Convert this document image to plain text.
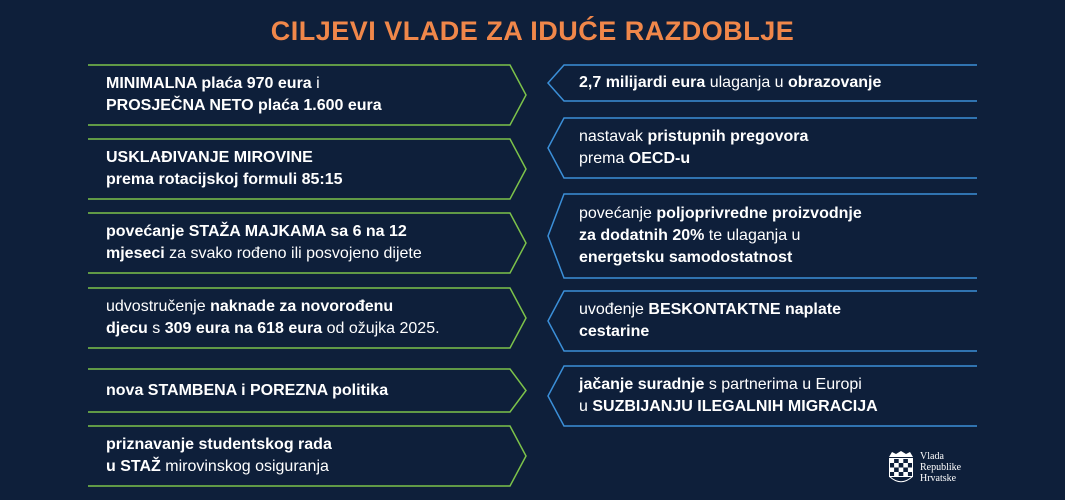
CILJEVI VLADE ZA IDUĆE RAZDOBLJE
MINIMALNA plaća 970 eura i
PROSJEČNA NETO plaća 1.600 eura
USKLAĐIVANJE MIROVINE
prema rotacijskoj formuli 85:15
povećanje STAŽA MAJKAMA sa 6 na 12
mjeseci za svako rođeno ili posvojeno dijete
udvostručenje naknade za novorođenu
djecu s 309 eura na 618 eura od ožujka 2025.
nova STAMBENA i POREZNA politika
priznavanje studentskog rada
u STAŽ mirovinskog osiguranja
2,7 milijardi eura ulaganja u obrazovanje
nastavak pristupnih pregovora
prema OECD-u
povećanje poljoprivredne proizvodnje
za dodatnih 20% te ulaganja u
energetsku samodostatnost
uvođenje BESKONTAKTNE naplate
cestarine
jačanje suradnje s partnerima u Europi
u SUZBIJANJU ILEGALNIH MIGRACIJA
Vlada
Republike
Hrvatske
